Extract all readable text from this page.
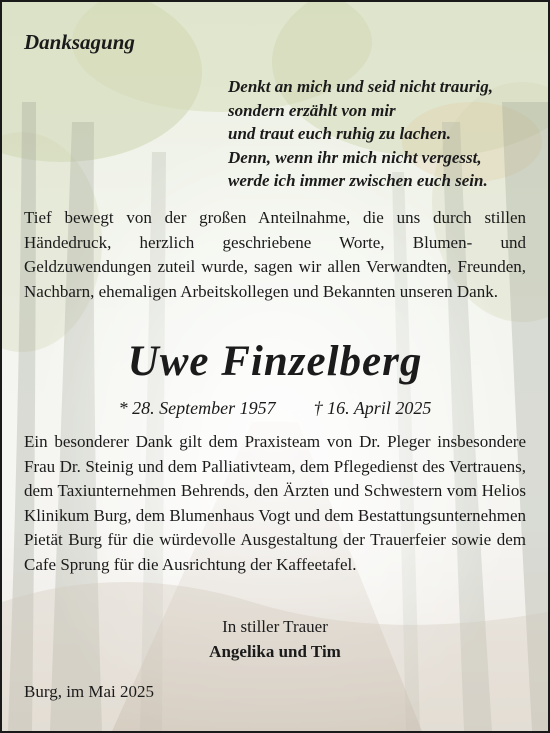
Danksagung
Denkt an mich und seid nicht traurig,
sondern erzählt von mir
und traut euch ruhig zu lachen.
Denn, wenn ihr mich nicht vergesst,
werde ich immer zwischen euch sein.
Tief bewegt von der großen Anteilnahme, die uns durch stillen Händedruck, herzlich geschriebene Worte, Blumen- und Geldzuwendungen zuteil wurde, sagen wir allen Verwandten, Freunden, Nachbarn, ehemaligen Arbeitskollegen und Bekannten unseren Dank.
Uwe Finzelberg
* 28. September 1957 † 16. April 2025
Ein besonderer Dank gilt dem Praxisteam von Dr. Pleger insbesondere Frau Dr. Steinig und dem Palliativteam, dem Pflegedienst des Vertrauens, dem Taxiunternehmen Behrends, den Ärzten und Schwestern vom Helios Klinikum Burg, dem Blumenhaus Vogt und dem Bestattungsunternehmen Pietät Burg für die würdevolle Ausgestaltung der Trauerfeier sowie dem Cafe Sprung für die Ausrichtung der Kaffeetafel.
In stiller Trauer
Angelika und Tim
Burg, im Mai 2025
